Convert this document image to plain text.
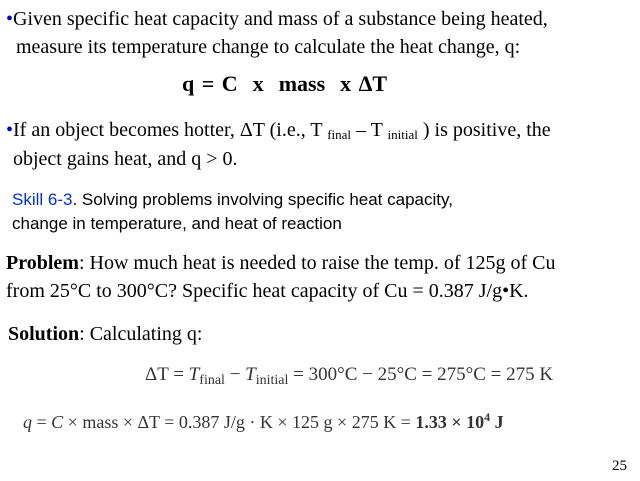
•Given specific heat capacity and mass of a substance being heated,
measure its temperature change to calculate the heat change, q:
q = C x mass x ΔT
•If an object becomes hotter, ΔT (i.e., T $_{final}$ – T $_{initial}$ ) is positive, the
object gains heat, and q > 0.
Skill 6-3. Solving problems involving specific heat capacity,
change in temperature, and heat of reaction
Problem: How much heat is needed to raise the temp. of 125g of Cu
from 25°C to 300°C? Specific heat capacity of Cu = 0.387 J/g•K.
Solution: Calculating q:
$\Delta T = T_{final} - T_{initial} = 300^\circ C - 25^\circ C = 275^\circ C = 275$ K
q = C × mass × ΔT = 0.387 J/g · K × 125 g × 275 $K = 1.33 \times 10^4$ J
25
